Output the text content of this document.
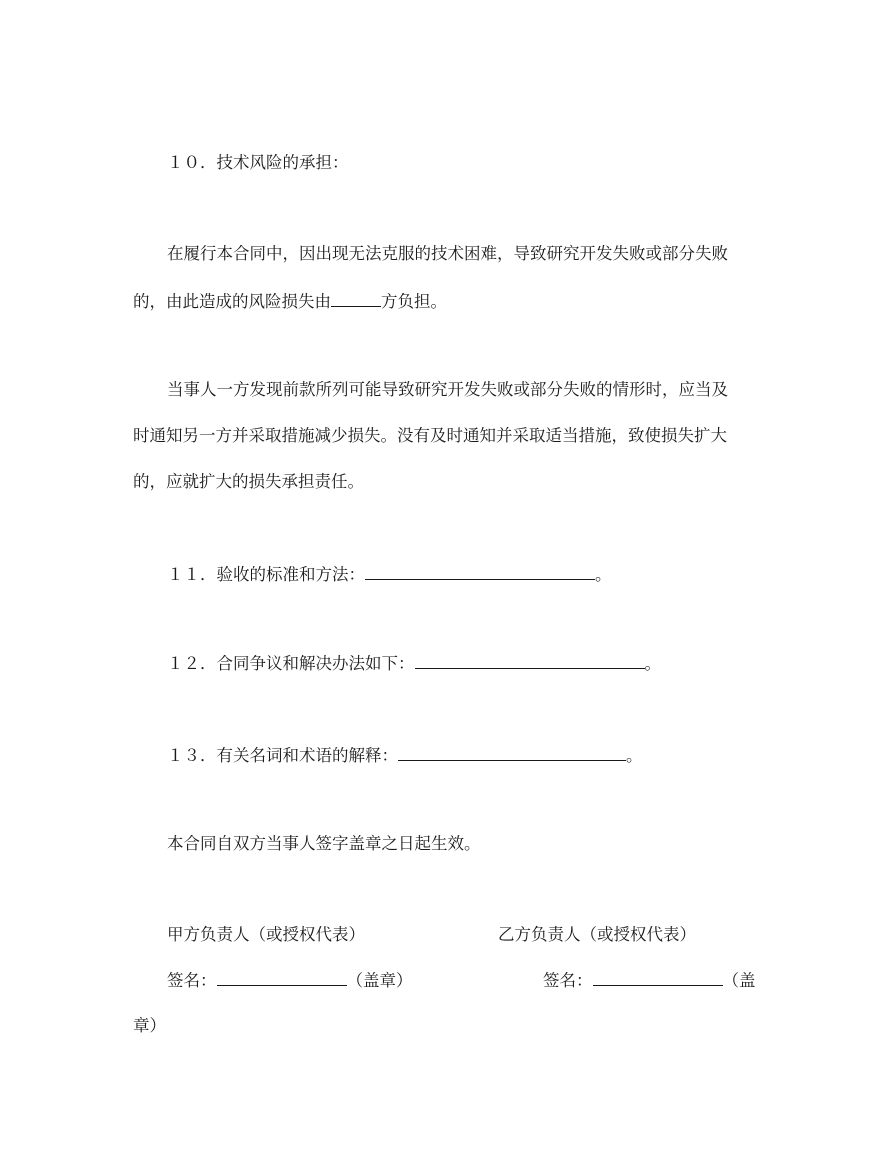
１０．技术风险的承担：
在履行本合同中，因出现无法克服的技术困难，导致研究开发失败或部分失败
的，由此造成的风险损失由	方负担。
当事人一方发现前款所列可能导致研究开发失败或部分失败的情形时，应当及
时通知另一方并采取措施减少损失。没有及时通知并采取适当措施，致使损失扩大
的，应就扩大的损失承担责任。
１１．验收的标准和方法：	。
１２．合同争议和解决办法如下：	。
１３．有关名词和术语的解释：	。
本合同自双方当事人签字盖章之日起生效。
甲方负责人（或授权代表）	乙方负责人（或授权代表）
签名：	（盖章）	签名：	（盖
章）
